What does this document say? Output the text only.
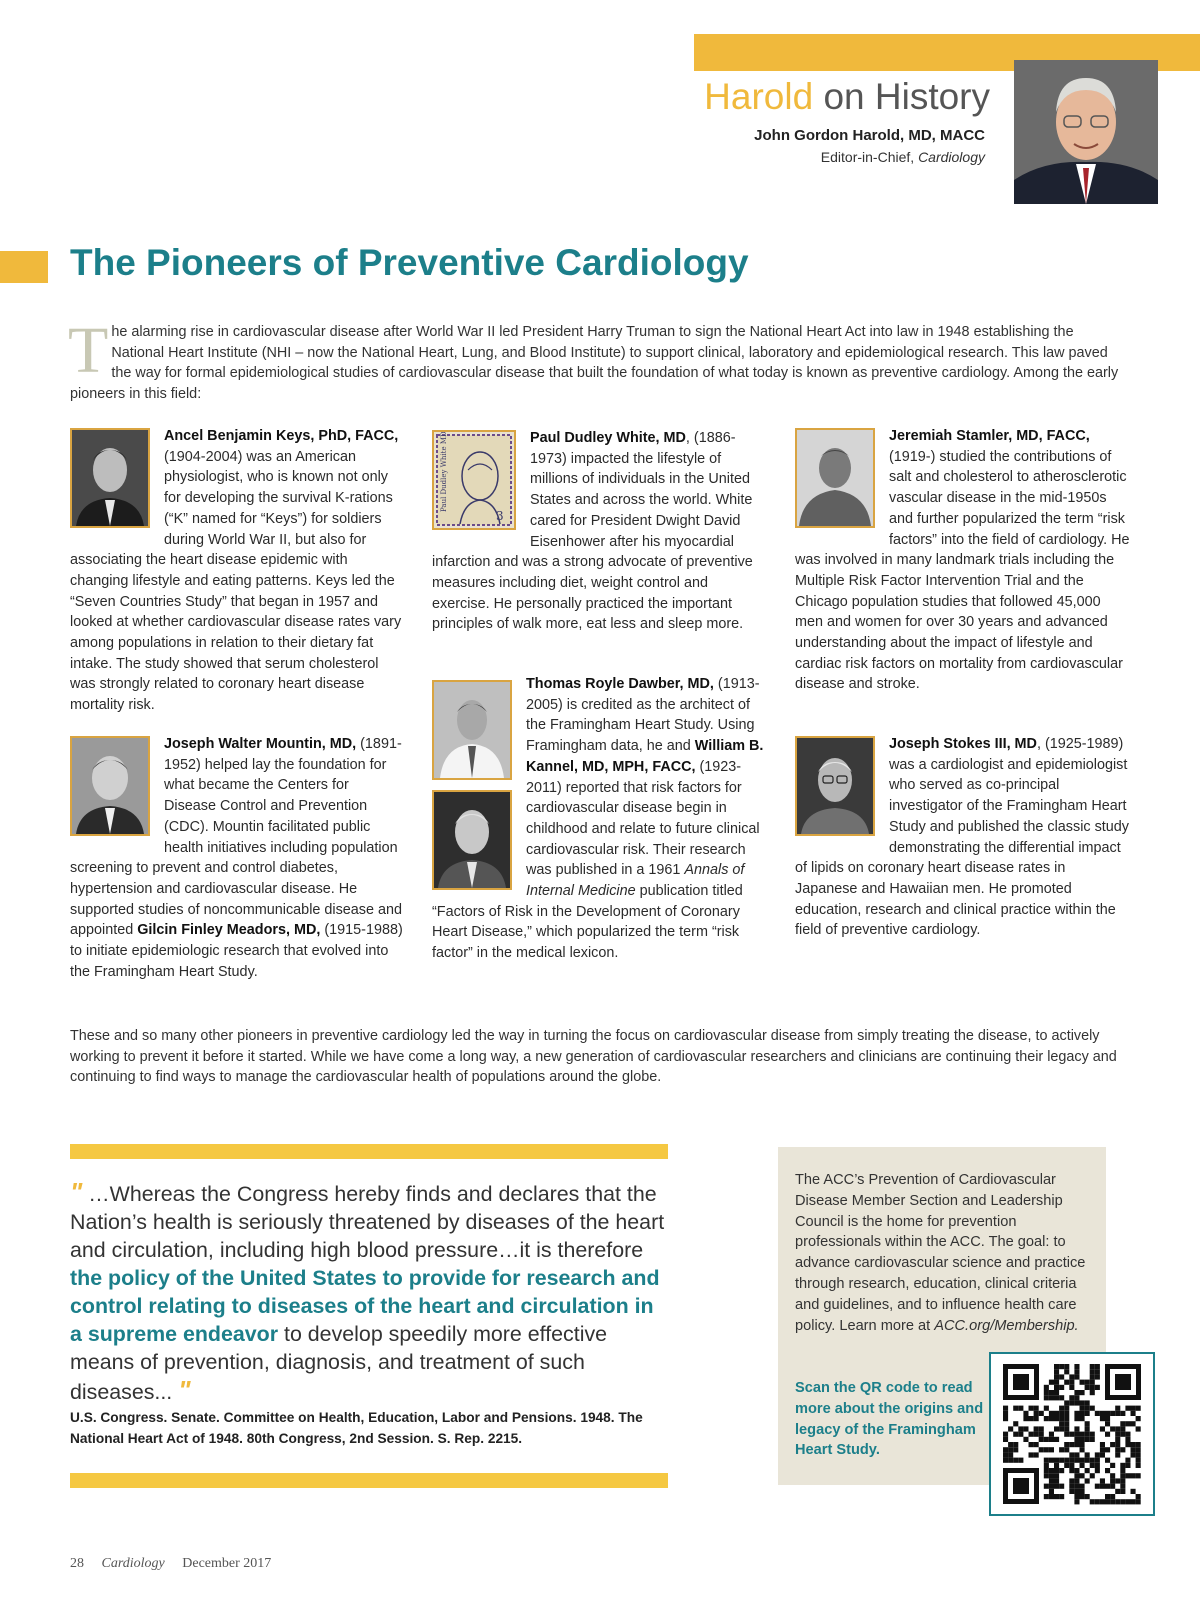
Harold on History
John Gordon Harold, MD, MACC
Editor-in-Chief, Cardiology
The Pioneers of Preventive Cardiology
T he alarming rise in cardiovascular disease after World War II led President Harry Truman to sign the National Heart Act into law in 1948 establishing the National Heart Institute (NHI – now the National Heart, Lung, and Blood Institute) to support clinical, laboratory and epidemiological research. This law paved the way for formal epidemiological studies of cardiovascular disease that built the foundation of what today is known as preventive cardiology. Among the early pioneers in this field:

Ancel Benjamin Keys, PhD, FACC, (1904-2004) was an American physiologist, who is known not only for developing the survival K-rations (“K” named for “Keys”) for soldiers during World War II, but also for associating the heart disease epidemic with changing lifestyle and eating patterns. Keys led the “Seven Countries Study” that began in 1957 and looked at whether cardiovascular disease rates vary among populations in relation to their dietary fat intake. The study showed that serum cholesterol was strongly related to coronary heart disease mortality risk.

Joseph Walter Mountin, MD, (1891-1952) helped lay the foundation for what became the Centers for Disease Control and Prevention (CDC). Mountin facilitated public health initiatives including population screening to prevent and control diabetes, hypertension and cardiovascular disease. He supported studies of noncommunicable disease and appointed Gilcin Finley Meadors, MD, (1915-1988) to initiate epidemiologic research that evolved into the Framingham Heart Study.

Paul Dudley White MD
3

Paul Dudley White, MD, (1886-1973) impacted the lifestyle of millions of individuals in the United States and across the world. White cared for President Dwight David Eisenhower after his myocardial infarction and was a strong advocate of preventive measures including diet, weight control and exercise. He personally practiced the important principles of walk more, eat less and sleep more.

Thomas Royle Dawber, MD, (1913-2005) is credited as the architect of the Framingham Heart Study. Using Framingham data, he and William B. Kannel, MD, MPH, FACC, (1923-2011) reported that risk factors for cardiovascular disease begin in childhood and relate to future clinical cardiovascular risk. Their research was published in a 1961 Annals of Internal Medicine publication titled “Factors of Risk in the Development of Coronary Heart Disease,” which popularized the term “risk factor” in the medical lexicon.

Jeremiah Stamler, MD, FACC, (1919-) studied the contributions of salt and cholesterol to atherosclerotic vascular disease in the mid-1950s and further popularized the term “risk factors” into the field of cardiology. He was involved in many landmark trials including the Multiple Risk Factor Intervention Trial and the Chicago population studies that followed 45,000 men and women for over 30 years and advanced understanding about the impact of lifestyle and cardiac risk factors on mortality from cardiovascular disease and stroke.

Joseph Stokes III, MD, (1925-1989) was a cardiologist and epidemiologist who served as co-principal investigator of the Framingham Heart Study and published the classic study demonstrating the differential impact of lipids on coronary heart disease rates in Japanese and Hawaiian men. He promoted education, research and clinical practice within the field of preventive cardiology.

These and so many other pioneers in preventive cardiology led the way in turning the focus on cardiovascular disease from simply treating the disease, to actively working to prevent it before it started. While we have come a long way, a new generation of cardiovascular researchers and clinicians are continuing their legacy and continuing to find ways to manage the cardiovascular health of populations around the globe.
" …Whereas the Congress hereby finds and declares that the Nation’s health is seriously threatened by diseases of the heart and circulation, including high blood pressure…it is therefore the policy of the United States to provide for research and control relating to diseases of the heart and circulation in a supreme endeavor to develop speedily more effective means of prevention, diagnosis, and treatment of such diseases... "
U.S. Congress. Senate. Committee on Health, Education, Labor and Pensions. 1948. The National Heart Act of 1948. 80th Congress, 2nd Session. S. Rep. 2215.
The ACC’s Prevention of Cardiovascular Disease Member Section and Leadership Council is the home for prevention professionals within the ACC. The goal: to advance cardiovascular science and practice through research, education, clinical criteria and guidelines, and to influence health care policy. Learn more at ACC.org/Membership.
Scan the QR code to read more about the origins and legacy of the Framingham Heart Study.
28 Cardiology December 2017
